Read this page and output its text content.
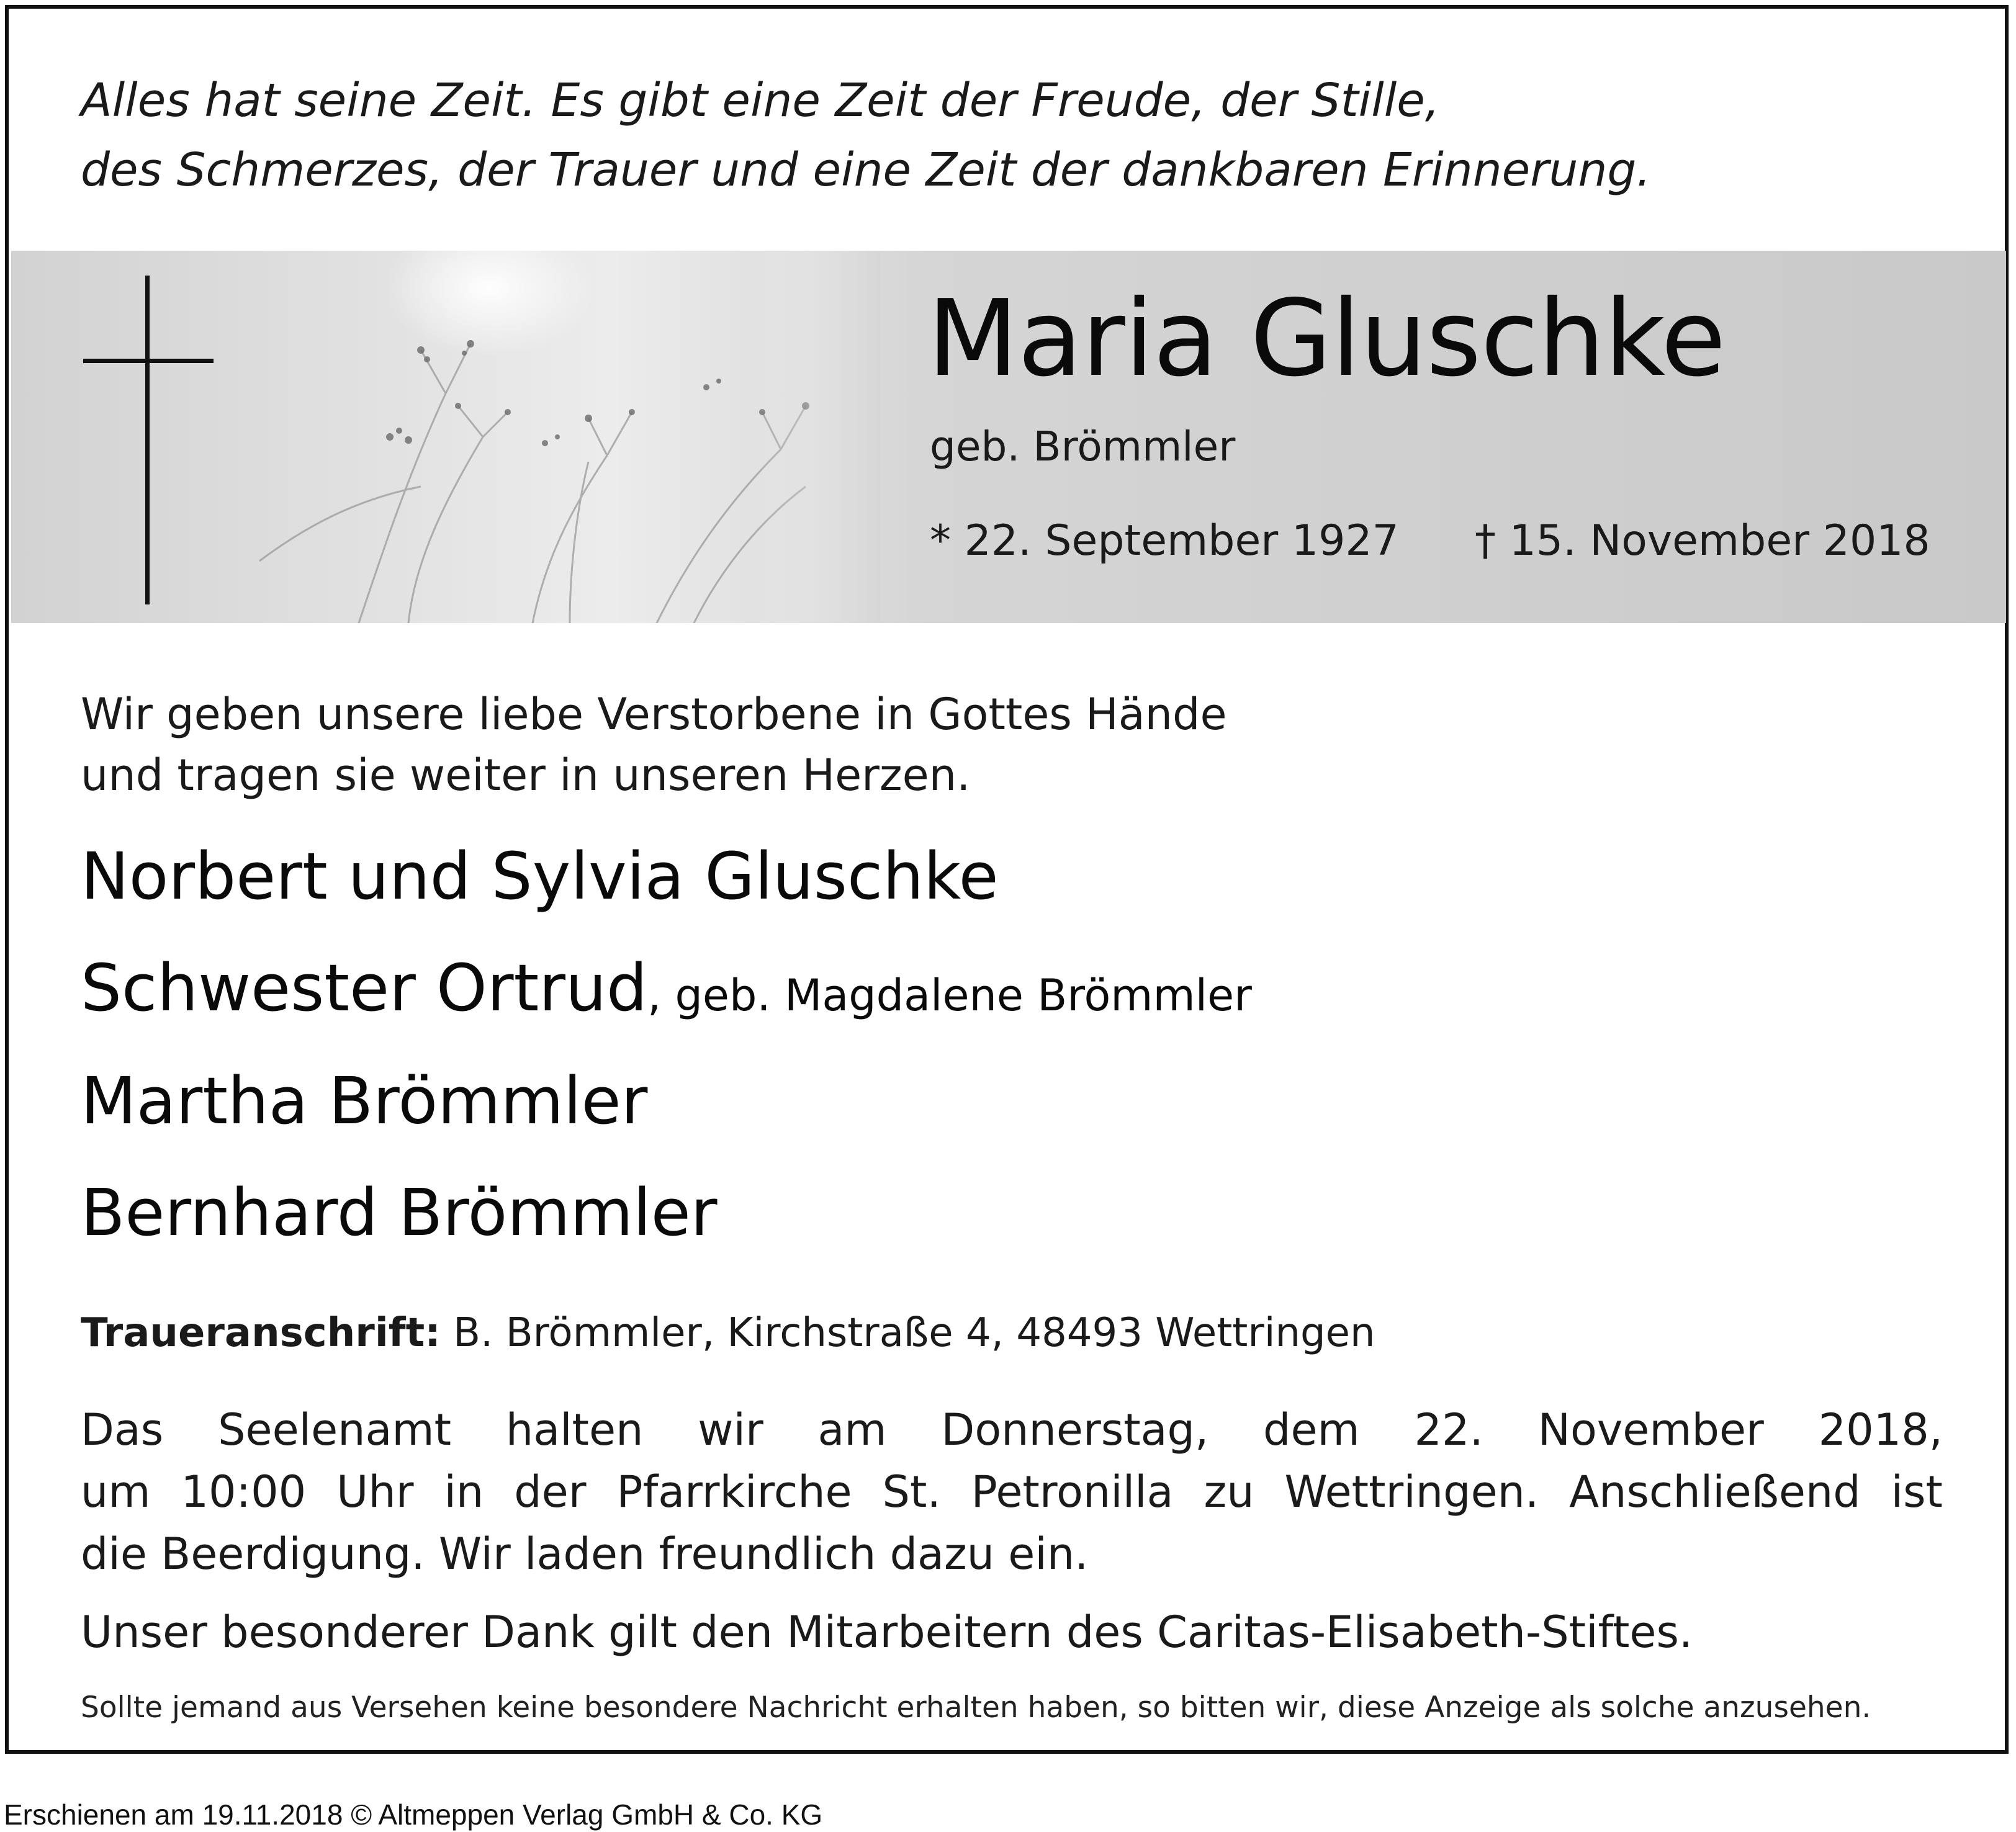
Alles hat seine Zeit. Es gibt eine Zeit der Freude, der Stille,
des Schmerzes, der Trauer und eine Zeit der dankbaren Erinnerung.
Maria Gluschke
geb. Brömmler
* 22. September 1927 † 15. November 2018
Wir geben unsere liebe Verstorbene in Gottes Hände
und tragen sie weiter in unseren Herzen.
Norbert und Sylvia Gluschke
Schwester Ortrud, geb. Magdalene Brömmler
Martha Brömmler
Bernhard Brömmler
Traueranschrift: B. Brömmler, Kirchstraße 4, 48493 Wettringen
Das Seelenamt halten wir am Donnerstag, dem 22. November 2018,
um 10:00 Uhr in der Pfarrkirche St. Petronilla zu Wettringen. Anschließend ist
die Beerdigung. Wir laden freundlich dazu ein.
Unser besonderer Dank gilt den Mitarbeitern des Caritas-Elisabeth-Stiftes.
Sollte jemand aus Versehen keine besondere Nachricht erhalten haben, so bitten wir, diese Anzeige als solche anzusehen.
Erschienen am 19.11.2018 © Altmeppen Verlag GmbH & Co. KG
